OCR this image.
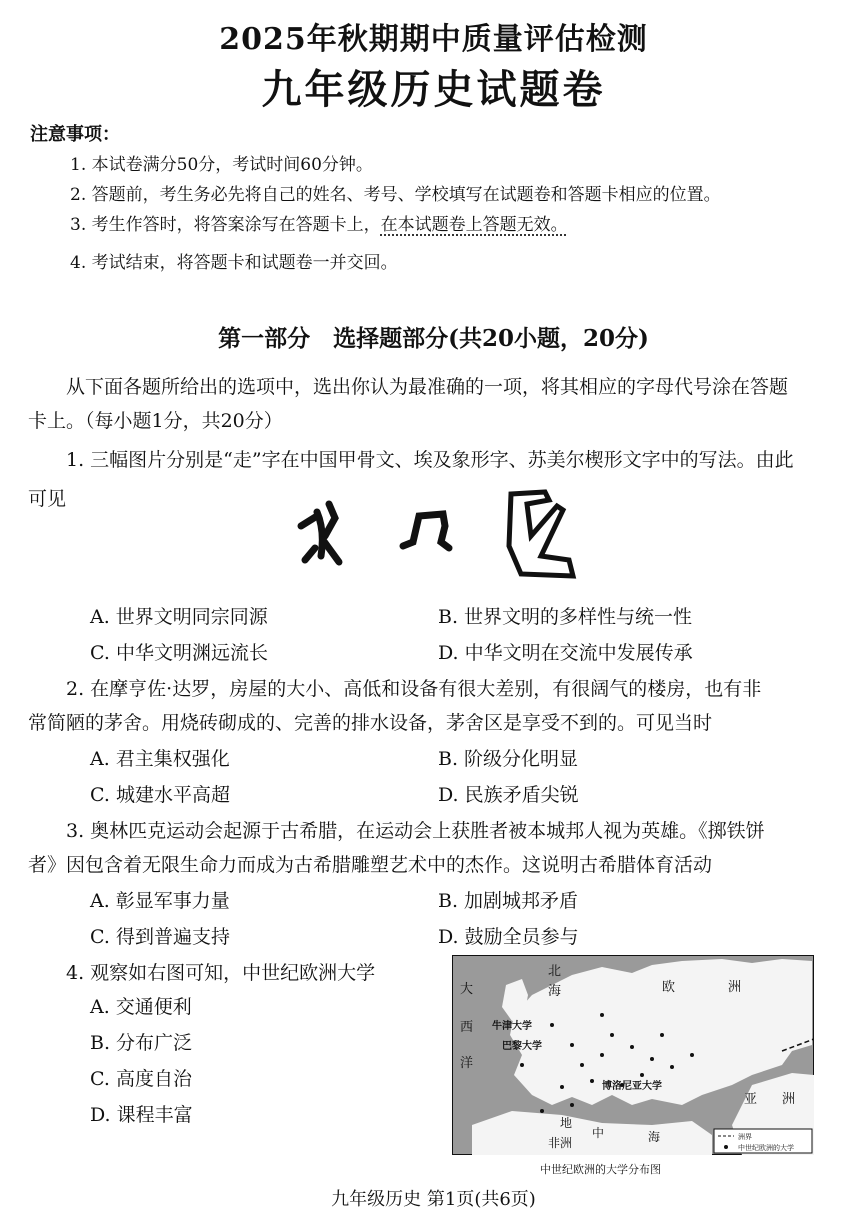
2025年秋期期中质量评估检测
九年级历史试题卷
注意事项：
1. 本试卷满分50分，考试时间60分钟。
2. 答题前，考生务必先将自己的姓名、考号、学校填写在试题卷和答题卡相应的位置。
3. 考生作答时，将答案涂写在答题卡上，在本试题卷上答题无效。
4. 考试结束，将答题卡和试题卷一并交回。
第一部分　选择题部分(共20小题，20分)
从下面各题所给出的选项中，选出你认为最准确的一项，将其相应的字母代号涂在答题
卡上。（每小题1分，共20分）
1. 三幅图片分别是“走”字在中国甲骨文、埃及象形字、苏美尔楔形文字中的写法。由此
可见
A. 世界文明同宗同源	B. 世界文明的多样性与统一性
C. 中华文明渊远流长	D. 中华文明在交流中发展传承
2. 在摩亨佐·达罗，房屋的大小、高低和设备有很大差别，有很阔气的楼房，也有非
常简陋的茅舍。用烧砖砌成的、完善的排水设备，茅舍区是享受不到的。可见当时
A. 君主集权强化	B. 阶级分化明显
C. 城建水平高超	D. 民族矛盾尖锐
3. 奥林匹克运动会起源于古希腊，在运动会上获胜者被本城邦人视为英雄。《掷铁饼
者》因包含着无限生命力而成为古希腊雕塑艺术中的杰作。这说明古希腊体育活动
A. 彰显军事力量	B. 加剧城邦矛盾
C. 得到普遍支持	D. 鼓励全员参与
4. 观察如右图可知，中世纪欧洲大学
A. 交通便利
B. 分布广泛
C. 高度自治
D. 课程丰富
大
西
洋
北
海	欧	洲
亚 洲
非洲
地
中	海
牛津大学
巴黎大学
博洛尼亚大学
洲界
中世纪欧洲的大学
中世纪欧洲的大学分布图
九年级历史 第1页(共6页)
